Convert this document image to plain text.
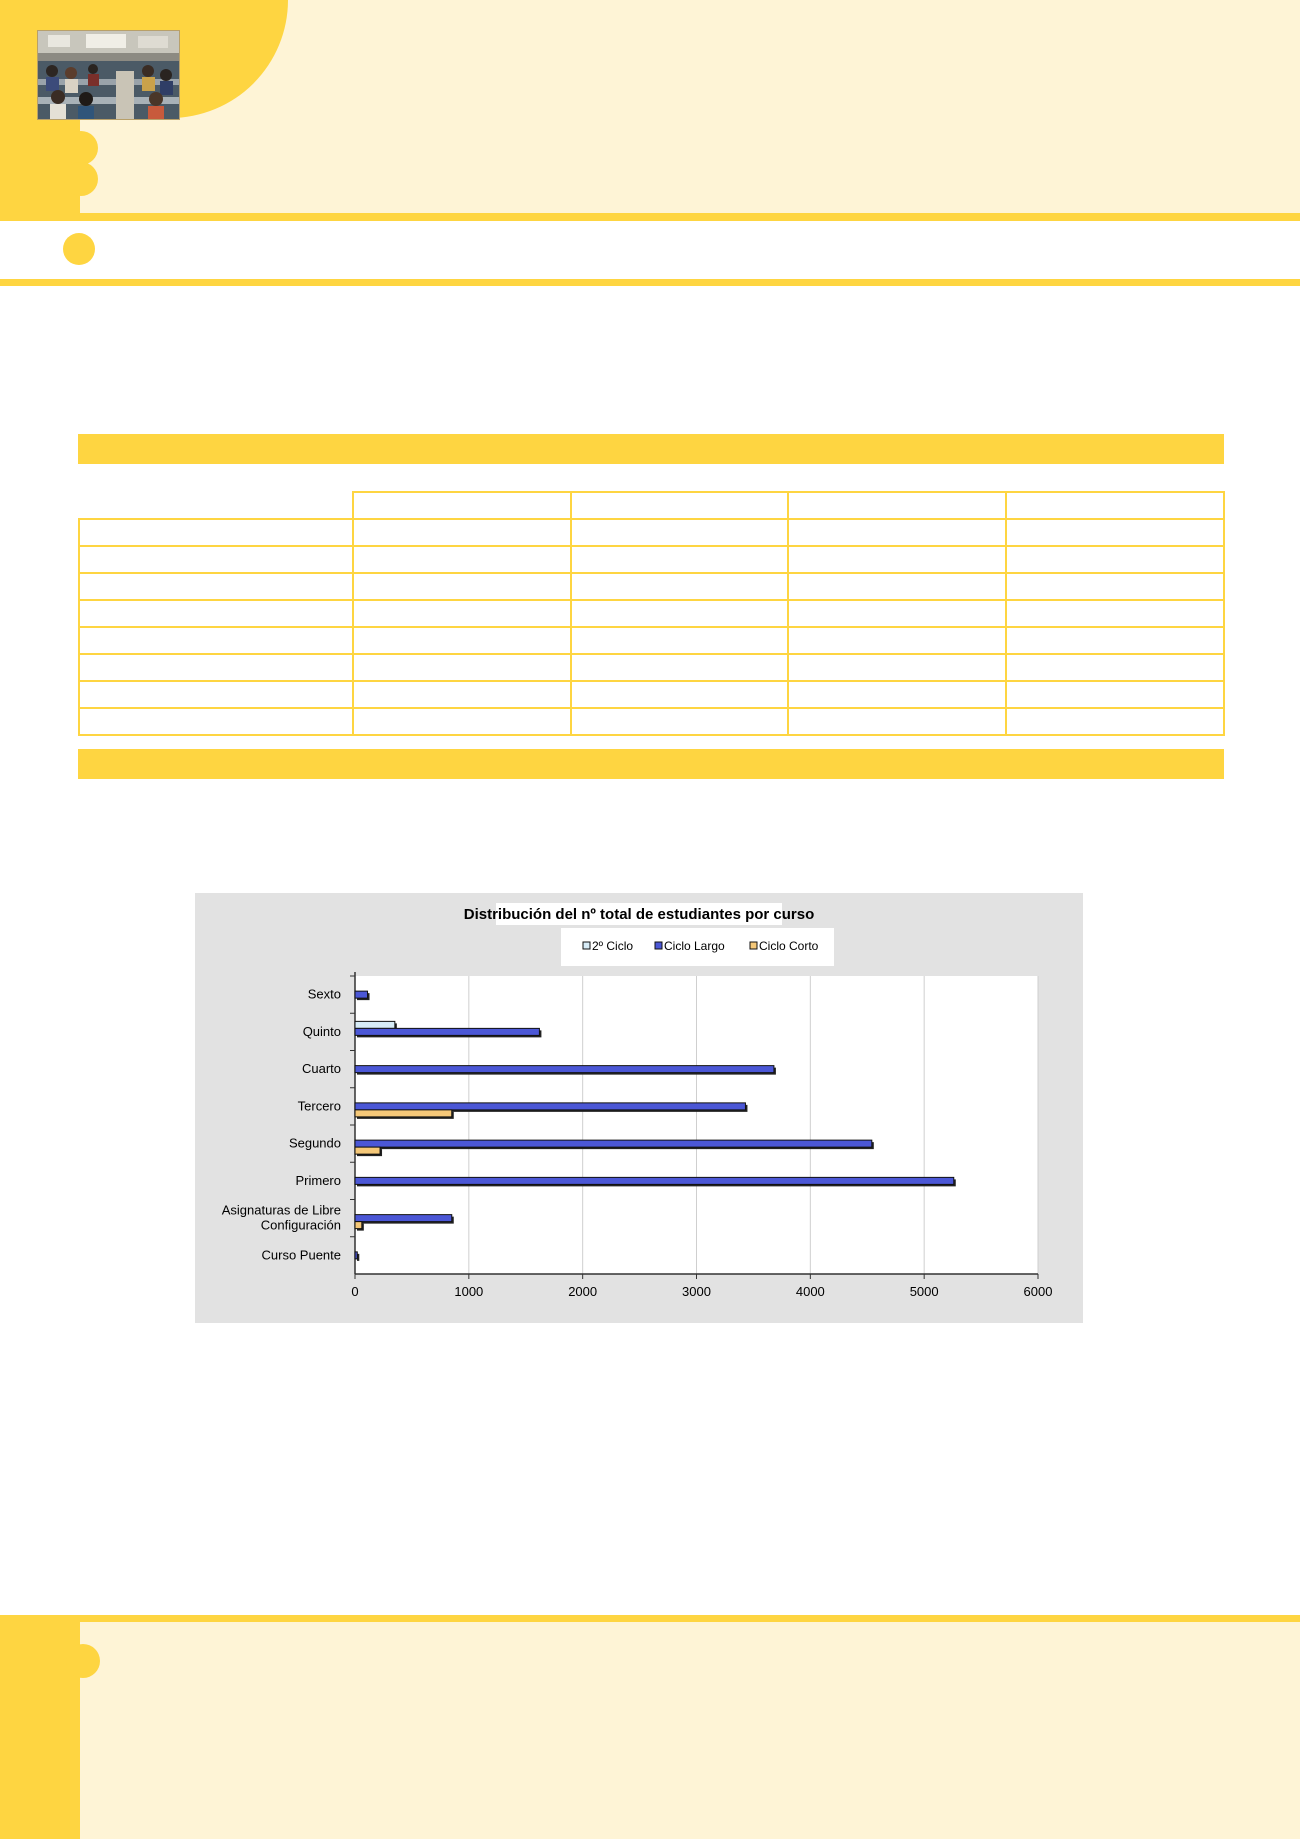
Distribución del nº total de estudiantes por curso
2º Ciclo	Ciclo Largo	Ciclo Corto
Sexto
Quinto
Cuarto
Tercero
Segundo
Primero
Asignaturas de Libre
Configuración
Curso Puente
0	1000	2000	3000	4000	5000	6000
